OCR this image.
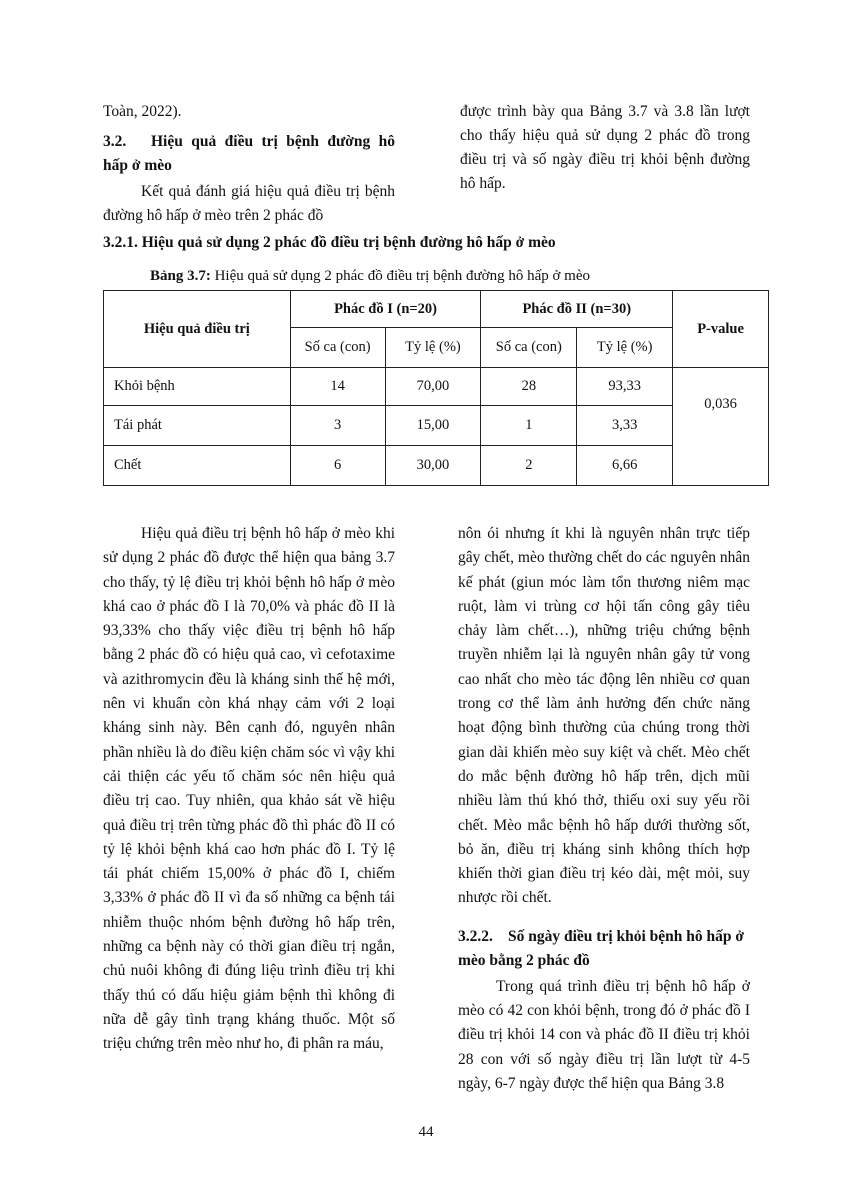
Toàn, 2022).

3.2. Hiệu quả điều trị bệnh đường hô hấp ở mèo

Kết quả đánh giá hiệu quả điều trị bệnh đường hô hấp ở mèo trên 2 phác đồ

được trình bày qua Bảng 3.7 và 3.8 lần lượt cho thấy hiệu quả sử dụng 2 phác đồ trong điều trị và số ngày điều trị khỏi bệnh đường hô hấp.

3.2.1. Hiệu quả sử dụng 2 phác đồ điều trị bệnh đường hô hấp ở mèo
Bảng 3.7: Hiệu quả sử dụng 2 phác đồ điều trị bệnh đường hô hấp ở mèo
Hiệu quả điều trị	Phác đồ I (n=20)		Phác đồ II (n=30)		P-value
	Số ca (con)	Tỷ lệ (%)	Số ca (con)	Tỷ lệ (%)	
Khỏi bệnh	14	70,00	28	93,33	0,036
Tái phát	3	15,00	1	3,33	
Chết	6	30,00	2	6,66	

Hiệu quả điều trị bệnh hô hấp ở mèo khi sử dụng 2 phác đồ được thể hiện qua bảng 3.7 cho thấy, tỷ lệ điều trị khỏi bệnh hô hấp ở mèo khá cao ở phác đồ I là 70,0% và phác đồ II là 93,33% cho thấy việc điều trị bệnh hô hấp bằng 2 phác đồ có hiệu quả cao, vì cefotaxime và azithromycin đều là kháng sinh thế hệ mới, nên vi khuẩn còn khá nhạy cảm với 2 loại kháng sinh này. Bên cạnh đó, nguyên nhân phần nhiều là do điều kiện chăm sóc vì vậy khi cải thiện các yếu tố chăm sóc nên hiệu quả điều trị cao. Tuy nhiên, qua khảo sát về hiệu quả điều trị trên từng phác đồ thì phác đồ II có tỷ lệ khỏi bệnh khá cao hơn phác đồ I. Tỷ lệ tái phát chiếm 15,00% ở phác đồ I, chiếm 3,33% ở phác đồ II vì đa số những ca bệnh tái nhiễm thuộc nhóm bệnh đường hô hấp trên, những ca bệnh này có thời gian điều trị ngắn, chủ nuôi không đi đúng liệu trình điều trị khi thấy thú có dấu hiệu giảm bệnh thì không đi nữa dễ gây tình trạng kháng thuốc. Một số triệu chứng trên mèo như ho, đi phân ra máu,

nôn ói nhưng ít khi là nguyên nhân trực tiếp gây chết, mèo thường chết do các nguyên nhân kế phát (giun móc làm tổn thương niêm mạc ruột, làm vi trùng cơ hội tấn công gây tiêu chảy làm chết…), những triệu chứng bệnh truyền nhiễm lại là nguyên nhân gây tử vong cao nhất cho mèo tác động lên nhiều cơ quan trong cơ thể làm ảnh hưởng đến chức năng hoạt động bình thường của chúng trong thời gian dài khiến mèo suy kiệt và chết. Mèo chết do mắc bệnh đường hô hấp trên, dịch mũi nhiều làm thú khó thở, thiếu oxi suy yếu rồi chết. Mèo mắc bệnh hô hấp dưới thường sốt, bỏ ăn, điều trị kháng sinh không thích hợp khiến thời gian điều trị kéo dài, mệt mỏi, suy nhược rồi chết.

3.2.2. Số ngày điều trị khỏi bệnh hô hấp ở mèo bằng 2 phác đồ

Trong quá trình điều trị bệnh hô hấp ở mèo có 42 con khỏi bệnh, trong đó ở phác đồ I điều trị khỏi 14 con và phác đồ II điều trị khỏi 28 con với số ngày điều trị lần lượt từ 4-5 ngày, 6-7 ngày được thể hiện qua Bảng 3.8

44
